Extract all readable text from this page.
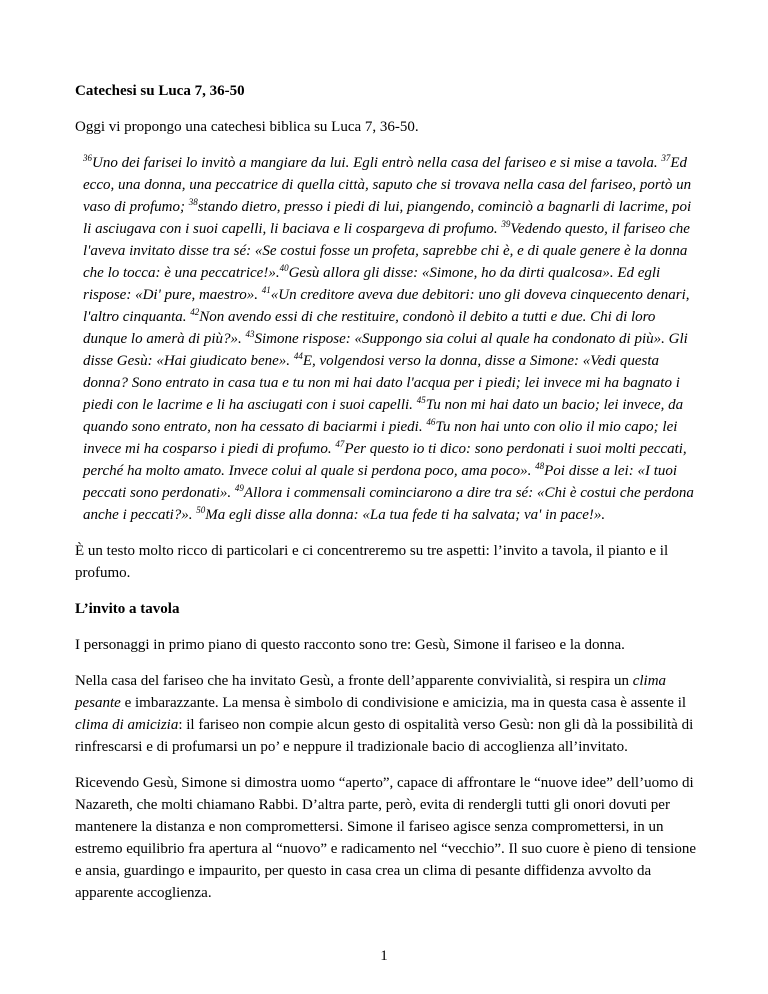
Catechesi su Luca 7, 36-50

Oggi vi propongo una catechesi biblica su Luca 7, 36-50.

$^{36}$Uno dei farisei lo invitò a mangiare da lui. Egli entrò nella casa del fariseo e si mise a tavola. $^{37}$Ed ecco, una donna, una peccatrice di quella città, saputo che si trovava nella casa del fariseo, portò un vaso di profumo; $^{38}$stando dietro, presso i piedi di lui, piangendo, cominciò a bagnarli di lacrime, poi li asciugava con i suoi capelli, li baciava e li cospargeva di profumo. $^{39}$Vedendo questo, il fariseo che l'aveva invitato disse tra sé: «Se costui fosse un profeta, saprebbe chi è, e di quale genere è la donna che lo tocca: è una peccatrice!».$^{40}$Gesù allora gli disse: «Simone, ho da dirti qualcosa». Ed egli rispose: «Di' pure, maestro». $^{41}$«Un creditore aveva due debitori: uno gli doveva cinquecento denari, l'altro cinquanta. $^{42}$Non avendo essi di che restituire, condonò il debito a tutti e due. Chi di loro dunque lo amerà di più?». $^{43}$Simone rispose: «Suppongo sia colui al quale ha condonato di più». Gli disse Gesù: «Hai giudicato bene». $^{44}$E, volgendosi verso la donna, disse a Simone: «Vedi questa donna? Sono entrato in casa tua e tu non mi hai dato l'acqua per i piedi; lei invece mi ha bagnato i piedi con le lacrime e li ha asciugati con i suoi capelli. $^{45}$Tu non mi hai dato un bacio; lei invece, da quando sono entrato, non ha cessato di baciarmi i piedi. $^{46}$Tu non hai unto con olio il mio capo; lei invece mi ha cosparso i piedi di profumo. $^{47}$Per questo io ti dico: sono perdonati i suoi molti peccati, perché ha molto amato. Invece colui al quale si perdona poco, ama poco». $^{48}$Poi disse a lei: «I tuoi peccati sono perdonati». $^{49}$Allora i commensali cominciarono a dire tra sé: «Chi è costui che perdona anche i peccati?». $^{50}$Ma egli disse alla donna: «La tua fede ti ha salvata; va' in pace!».

È un testo molto ricco di particolari e ci concentreremo su tre aspetti: l’invito a tavola, il pianto e il profumo.

L’invito a tavola

I personaggi in primo piano di questo racconto sono tre: Gesù, Simone il fariseo e la donna.

Nella casa del fariseo che ha invitato Gesù, a fronte dell’apparente convivialità, si respira un clima pesante e imbarazzante. La mensa è simbolo di condivisione e amicizia, ma in questa casa è assente il clima di amicizia: il fariseo non compie alcun gesto di ospitalità verso Gesù: non gli dà la possibilità di rinfrescarsi e di profumarsi un po’ e neppure il tradizionale bacio di accoglienza all’invitato.

Ricevendo Gesù, Simone si dimostra uomo “aperto”, capace di affrontare le “nuove idee” dell’uomo di Nazareth, che molti chiamano Rabbi. D’altra parte, però, evita di rendergli tutti gli onori dovuti per mantenere la distanza e non compromettersi. Simone il fariseo agisce senza compromettersi, in un estremo equilibrio fra apertura al “nuovo” e radicamento nel “vecchio”. Il suo cuore è pieno di tensione e ansia, guardingo e impaurito, per questo in casa crea un clima di pesante diffidenza avvolto da apparente accoglienza.

1
